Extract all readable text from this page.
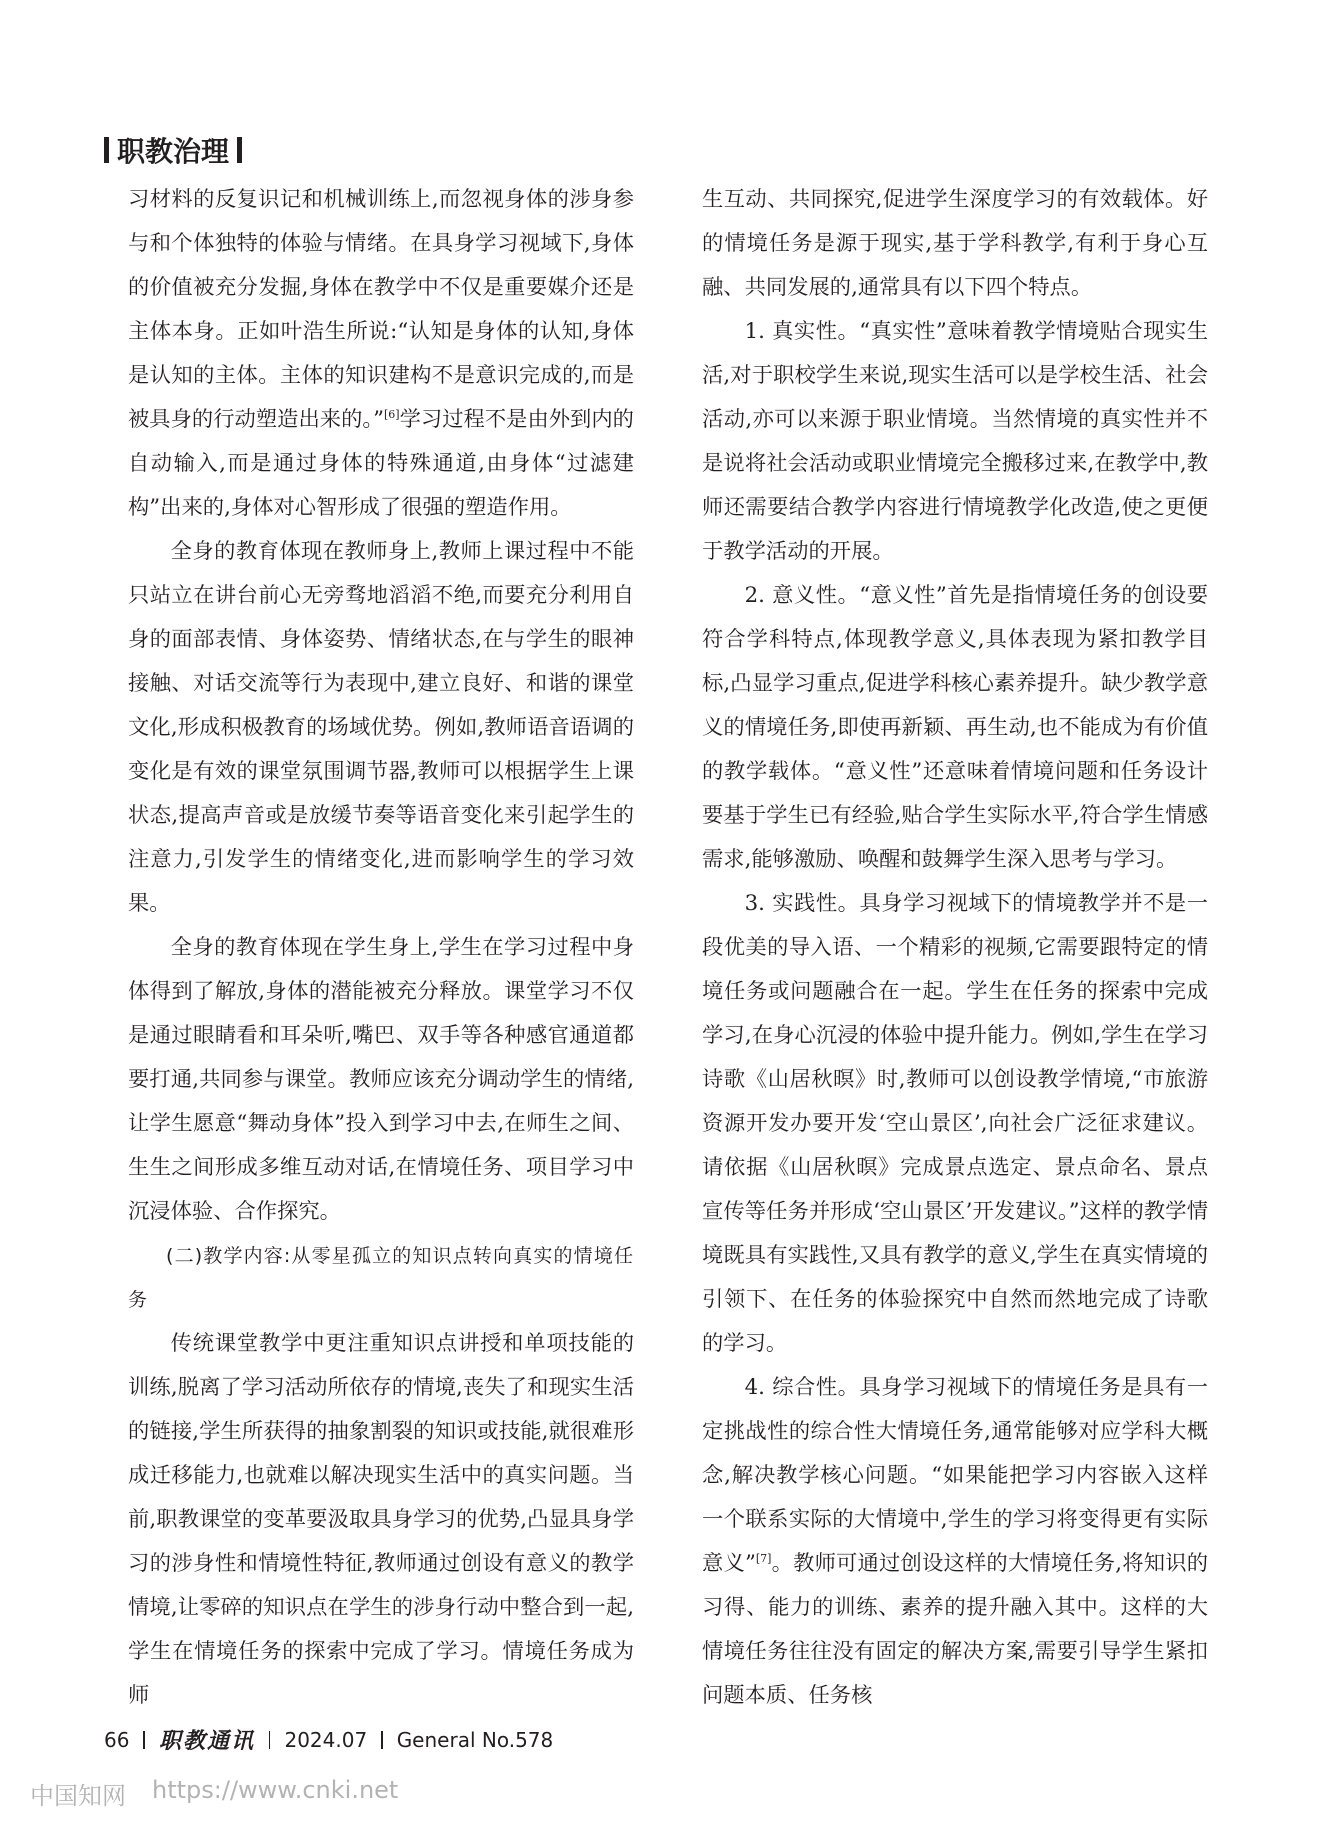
职教治理

习材料的反复识记和机械训练上,而忽视身体的涉身参与和个体独特的体验与情绪。在具身学习视域下,身体的价值被充分发掘,身体在教学中不仅是重要媒介还是主体本身。正如叶浩生所说:“认知是身体的认知,身体是认知的主体。主体的知识建构不是意识完成的,而是被具身的行动塑造出来的。”[6]学习过程不是由外到内的自动输入,而是通过身体的特殊通道,由身体“过滤建构”出来的,身体对心智形成了很强的塑造作用。

全身的教育体现在教师身上,教师上课过程中不能只站立在讲台前心无旁骛地滔滔不绝,而要充分利用自身的面部表情、身体姿势、情绪状态,在与学生的眼神接触、对话交流等行为表现中,建立良好、和谐的课堂文化,形成积极教育的场域优势。例如,教师语音语调的变化是有效的课堂氛围调节器,教师可以根据学生上课状态,提高声音或是放缓节奏等语音变化来引起学生的注意力,引发学生的情绪变化,进而影响学生的学习效果。

全身的教育体现在学生身上,学生在学习过程中身体得到了解放,身体的潜能被充分释放。课堂学习不仅是通过眼睛看和耳朵听,嘴巴、双手等各种感官通道都要打通,共同参与课堂。教师应该充分调动学生的情绪,让学生愿意“舞动身体”投入到学习中去,在师生之间、生生之间形成多维互动对话,在情境任务、项目学习中沉浸体验、合作探究。

(二)教学内容:从零星孤立的知识点转向真实的情境任务

传统课堂教学中更注重知识点讲授和单项技能的训练,脱离了学习活动所依存的情境,丧失了和现实生活的链接,学生所获得的抽象割裂的知识或技能,就很难形成迁移能力,也就难以解决现实生活中的真实问题。当前,职教课堂的变革要汲取具身学习的优势,凸显具身学习的涉身性和情境性特征,教师通过创设有意义的教学情境,让零碎的知识点在学生的涉身行动中整合到一起,学生在情境任务的探索中完成了学习。情境任务成为师

生互动、共同探究,促进学生深度学习的有效载体。好的情境任务是源于现实,基于学科教学,有利于身心互融、共同发展的,通常具有以下四个特点。

1. 真实性。“真实性”意味着教学情境贴合现实生活,对于职校学生来说,现实生活可以是学校生活、社会活动,亦可以来源于职业情境。当然情境的真实性并不是说将社会活动或职业情境完全搬移过来,在教学中,教师还需要结合教学内容进行情境教学化改造,使之更便于教学活动的开展。

2. 意义性。“意义性”首先是指情境任务的创设要符合学科特点,体现教学意义,具体表现为紧扣教学目标,凸显学习重点,促进学科核心素养提升。缺少教学意义的情境任务,即使再新颖、再生动,也不能成为有价值的教学载体。“意义性”还意味着情境问题和任务设计要基于学生已有经验,贴合学生实际水平,符合学生情感需求,能够激励、唤醒和鼓舞学生深入思考与学习。

3. 实践性。具身学习视域下的情境教学并不是一段优美的导入语、一个精彩的视频,它需要跟特定的情境任务或问题融合在一起。学生在任务的探索中完成学习,在身心沉浸的体验中提升能力。例如,学生在学习诗歌《山居秋暝》时,教师可以创设教学情境,“市旅游资源开发办要开发‘空山景区’,向社会广泛征求建议。请依据《山居秋暝》完成景点选定、景点命名、景点宣传等任务并形成‘空山景区’开发建议。”这样的教学情境既具有实践性,又具有教学的意义,学生在真实情境的引领下、在任务的体验探究中自然而然地完成了诗歌的学习。

4. 综合性。具身学习视域下的情境任务是具有一定挑战性的综合性大情境任务,通常能够对应学科大概念,解决教学核心问题。“如果能把学习内容嵌入这样一个联系实际的大情境中,学生的学习将变得更有实际意义”[7]。教师可通过创设这样的大情境任务,将知识的习得、能力的训练、素养的提升融入其中。这样的大情境任务往往没有固定的解决方案,需要引导学生紧扣问题本质、任务核

66 职教通讯 2024.07 General No.578
中国知网 https://www.cnki.net
